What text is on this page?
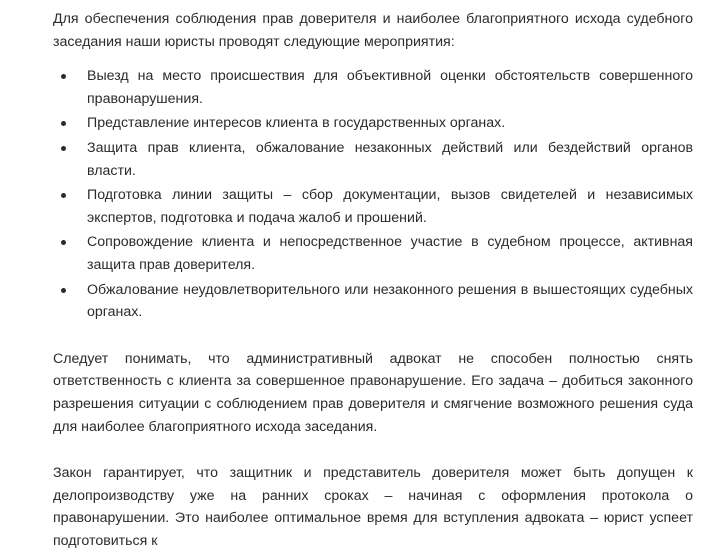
Для обеспечения соблюдения прав доверителя и наиболее благоприятного исхода судебного заседания наши юристы проводят следующие мероприятия:

Выезд на место происшествия для объективной оценки обстоятельств совершенного правонарушения.
Представление интересов клиента в государственных органах.
Защита прав клиента, обжалование незаконных действий или бездействий органов власти.
Подготовка линии защиты – сбор документации, вызов свидетелей и независимых экспертов, подготовка и подача жалоб и прошений.
Сопровождение клиента и непосредственное участие в судебном процессе, активная защита прав доверителя.
Обжалование неудовлетворительного или незаконного решения в вышестоящих судебных органах.

Следует понимать, что административный адвокат не способен полностью снять ответственность с клиента за совершенное правонарушение. Его задача – добиться законного разрешения ситуации с соблюдением прав доверителя и смягчение возможного решения суда для наиболее благоприятного исхода заседания.

Закон гарантирует, что защитник и представитель доверителя может быть допущен к делопроизводству уже на ранних сроках – начиная с оформления протокола о правонарушении. Это наиболее оптимальное время для вступления адвоката – юрист успеет подготовиться к
